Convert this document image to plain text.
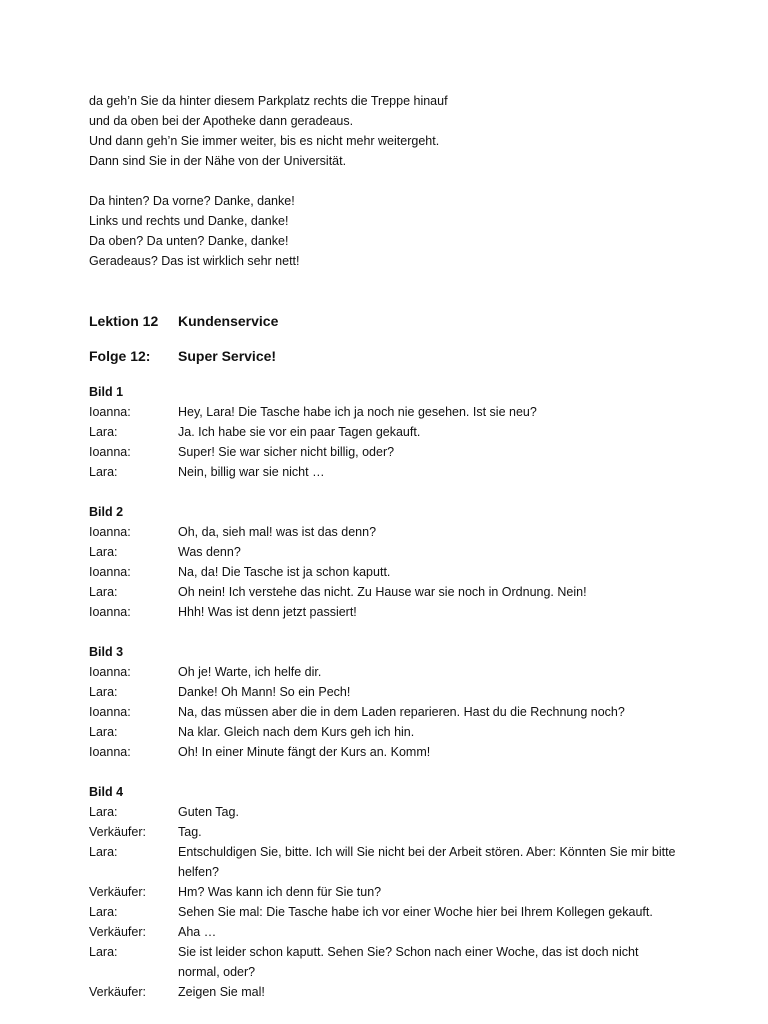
da geh’n Sie da hinter diesem Parkplatz rechts die Treppe hinauf
und da oben bei der Apotheke dann geradeaus.
Und dann geh’n Sie immer weiter, bis es nicht mehr weitergeht.
Dann sind Sie in der Nähe von der Universität.
Da hinten? Da vorne? Danke, danke!
Links und rechts und Danke, danke!
Da oben? Da unten? Danke, danke!
Geradeaus? Das ist wirklich sehr nett!
Lektion 12 Kundenservice
Folge 12: Super Service!
Bild 1
Ioanna:	Hey, Lara! Die Tasche habe ich ja noch nie gesehen. Ist sie neu?
Lara:	Ja. Ich habe sie vor ein paar Tagen gekauft.
Ioanna:	Super! Sie war sicher nicht billig, oder?
Lara:	Nein, billig war sie nicht …
Bild 2
Ioanna:	Oh, da, sieh mal! was ist das denn?
Lara:	Was denn?
Ioanna:	Na, da! Die Tasche ist ja schon kaputt.
Lara:	Oh nein! Ich verstehe das nicht. Zu Hause war sie noch in Ordnung. Nein!
Ioanna:	Hhh! Was ist denn jetzt passiert!
Bild 3
Ioanna:	Oh je! Warte, ich helfe dir.
Lara:	Danke! Oh Mann! So ein Pech!
Ioanna:	Na, das müssen aber die in dem Laden reparieren. Hast du die Rechnung noch?
Lara:	Na klar. Gleich nach dem Kurs geh ich hin.
Ioanna:	Oh! In einer Minute fängt der Kurs an. Komm!
Bild 4
Lara:	Guten Tag.
Verkäufer:	Tag.
Lara:	Entschuldigen Sie, bitte. Ich will Sie nicht bei der Arbeit stören. Aber: Könnten Sie mir bitte helfen?
Verkäufer:	Hm? Was kann ich denn für Sie tun?
Lara:	Sehen Sie mal: Die Tasche habe ich vor einer Woche hier bei Ihrem Kollegen gekauft.
Verkäufer:	Aha …
Lara:	Sie ist leider schon kaputt. Sehen Sie? Schon nach einer Woche, das ist doch nicht normal, oder?
Verkäufer:	Zeigen Sie mal!
